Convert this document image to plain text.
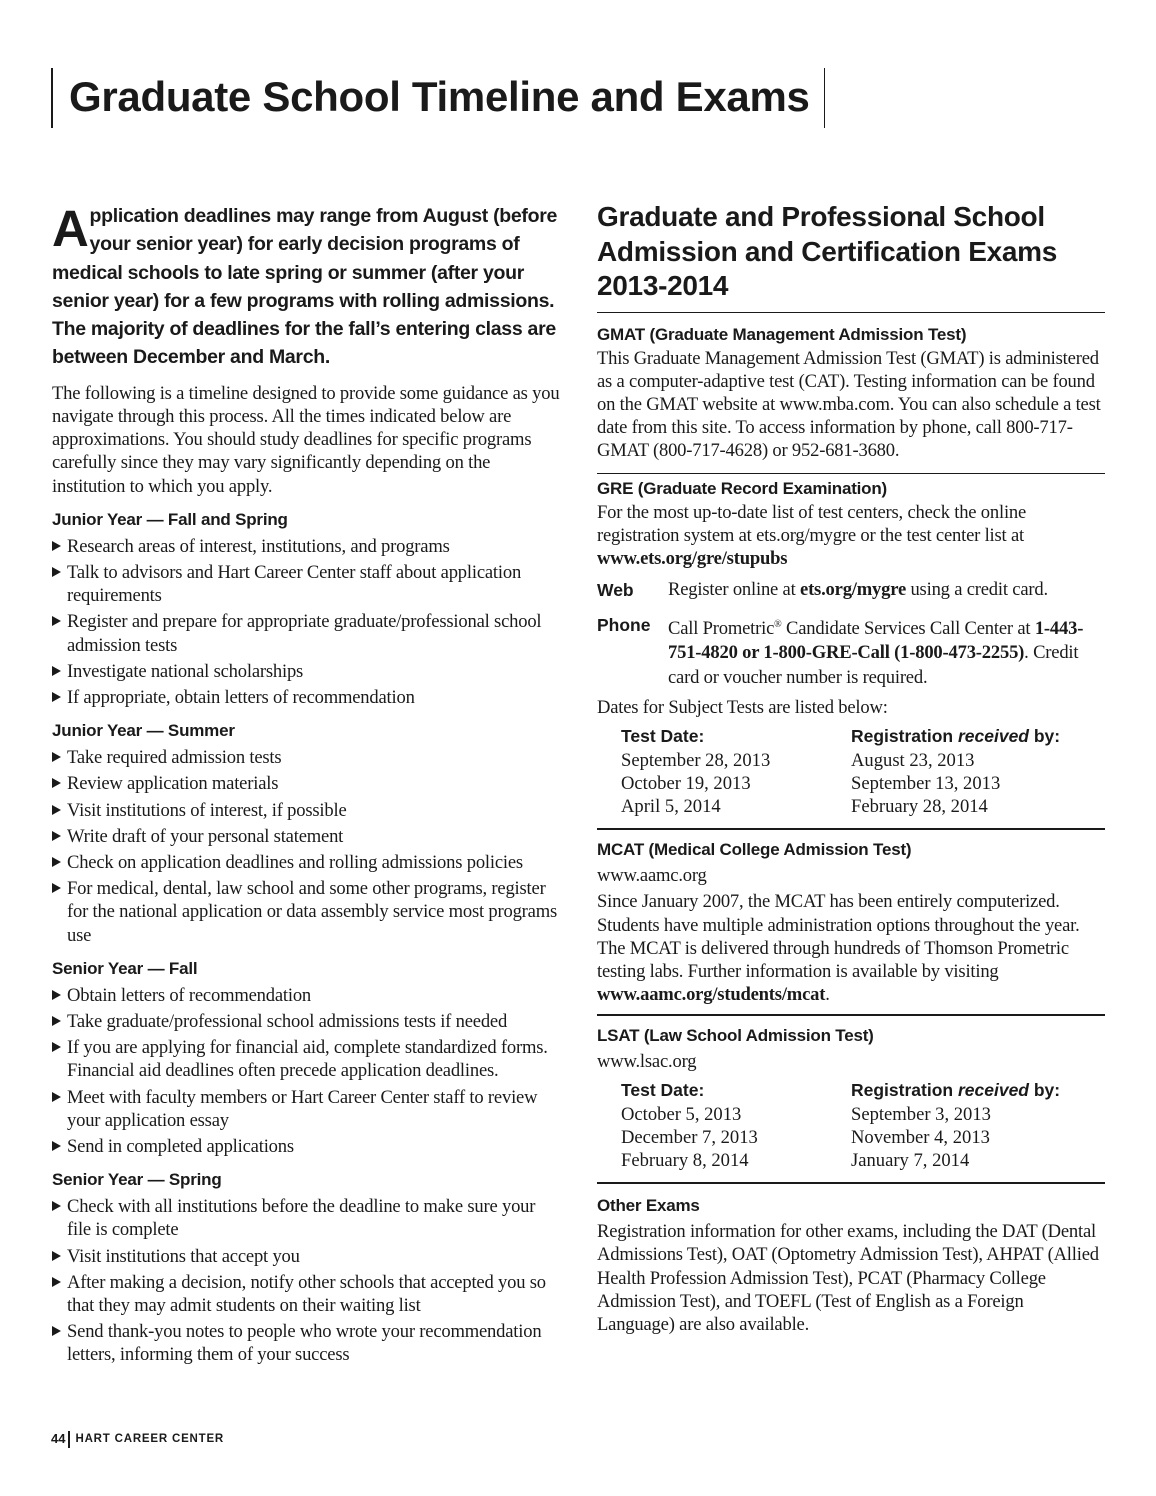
Graduate School Timeline and Exams
Application deadlines may range from August (before your senior year) for early decision programs of medical schools to late spring or summer (after your senior year) for a few programs with rolling admissions. The majority of deadlines for the fall’s entering class are between December and March.

The following is a timeline designed to provide some guidance as you navigate through this process. All the times indicated below are approximations. You should study deadlines for specific programs carefully since they may vary significantly depending on the institution to which you apply.

Junior Year — Fall and Spring
Research areas of interest, institutions, and programs
Talk to advisors and Hart Career Center staff about application requirements
Register and prepare for appropriate graduate/professional school admission tests
Investigate national scholarships
If appropriate, obtain letters of recommendation
Junior Year — Summer
Take required admission tests
Review application materials
Visit institutions of interest, if possible
Write draft of your personal statement
Check on application deadlines and rolling admissions policies
For medical, dental, law school and some other programs, register for the national application or data assembly service most programs use
Senior Year — Fall
Obtain letters of recommendation
Take graduate/professional school admissions tests if needed
If you are applying for financial aid, complete standardized forms. Financial aid deadlines often precede application deadlines.
Meet with faculty members or Hart Career Center staff to review your application essay
Send in completed applications
Senior Year — Spring
Check with all institutions before the deadline to make sure your file is complete
Visit institutions that accept you
After making a decision, notify other schools that accepted you so that they may admit students on their waiting list
Send thank-you notes to people who wrote your recommendation letters, informing them of your success
Graduate and Professional School Admission and Certification Exams 2013-2014
GMAT (Graduate Management Admission Test)
This Graduate Management Admission Test (GMAT) is administered as a computer-adaptive test (CAT). Testing information can be found on the GMAT website at www.mba.com. You can also schedule a test date from this site. To access information by phone, call 800-717-GMAT (800-717-4628) or 952-681-3680.
GRE (Graduate Record Examination)
For the most up-to-date list of test centers, check the online registration system at ets.org/mygre or the test center list at www.ets.org/gre/stupubs
Web	Register online at ets.org/mygre using a credit card.
Phone Call Prometric® Candidate Services Call Center at 1-443-751-4820 or 1-800-GRE-Call (1-800-473-2255). Credit card or voucher number is required.
Dates for Subject Tests are listed below:
Test Date:	Registration received by:
September 28, 2013	August 23, 2013
October 19, 2013	September 13, 2013
April 5, 2014	February 28, 2014
MCAT (Medical College Admission Test)
www.aamc.org
Since January 2007, the MCAT has been entirely computerized. Students have multiple administration options throughout the year. The MCAT is delivered through hundreds of Thomson Prometric testing labs. Further information is available by visiting www.aamc.org/students/mcat.
LSAT (Law School Admission Test)
www.lsac.org
Test Date:	Registration received by:
October 5, 2013	September 3, 2013
December 7, 2013	November 4, 2013
February 8, 2014	January 7, 2014
Other Exams
Registration information for other exams, including the DAT (Dental Admissions Test), OAT (Optometry Admission Test), AHPAT (Allied Health Profession Admission Test), PCAT (Pharmacy College Admission Test), and TOEFL (Test of English as a Foreign Language) are also available.
44 HART CAREER CENTER
